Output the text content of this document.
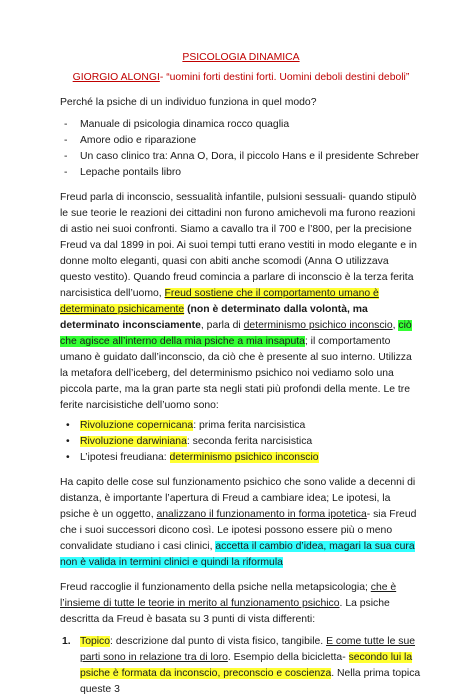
PSICOLOGIA DINAMICA

GIORGIO ALONGI- “uomini forti destini forti. Uomini deboli destini deboli”

Perché la psiche di un individuo funziona in quel modo?

- Manuale di psicologia dinamica rocco quaglia
- Amore odio e riparazione
- Un caso clinico tra: Anna O, Dora, il piccolo Hans e il presidente Schreber
- Lepache pontails libro

Freud parla di inconscio, sessualità infantile, pulsioni sessuali- quando stipulò le sue teorie le reazioni dei cittadini non furono amichevoli ma furono reazioni di astio nei suoi confronti. Siamo a cavallo tra il 700 e l’800, per la precisione Freud va dal 1899 in poi. Ai suoi tempi tutti erano vestiti in modo elegante e in donne molto eleganti, quasi con abiti anche scomodi (Anna O utilizzava questo vestito). Quando freud comincia a parlare di inconscio è la terza ferita narcisistica dell’uomo, Freud sostiene che il comportamento umano è determinato psichicamente (non è determinato dalla volontà, ma determinato inconsciamente, parla di determinismo psichico inconscio, ciò che agisce all’interno della mia psiche a mia insaputa; il comportamento umano è guidato dall’inconscio, da ciò che è presente al suo interno. Utilizza la metafora dell’iceberg, del determinismo psichico noi vediamo solo una piccola parte, ma la gran parte sta negli stati più profondi della mente. Le tre ferite narcisistiche dell’uomo sono:

• Rivoluzione copernicana: prima ferita narcisistica
• Rivoluzione darwiniana: seconda ferita narcisistica
• L’ipotesi freudiana: determinismo psichico inconscio

Ha capito delle cose sul funzionamento psichico che sono valide a decenni di distanza, è importante l’apertura di Freud a cambiare idea; Le ipotesi, la psiche è un oggetto, analizzano il funzionamento in forma ipotetica- sia Freud che i suoi successori dicono così. Le ipotesi possono essere più o meno convalidate studiano i casi clinici, accetta il cambio d’idea, magari la sua cura non è valida in termini clinici e quindi la riformula

Freud raccoglie il funzionamento della psiche nella metapsicologia; che è l’insieme di tutte le teorie in merito al funzionamento psichico. La psiche descritta da Freud è basata su 3 punti di vista differenti:

1. Topico: descrizione dal punto di vista fisico, tangibile. E come tutte le sue parti sono in relazione tra di loro. Esempio della bicicletta- secondo lui la psiche è formata da inconscio, preconscio e coscienza. Nella prima topica queste 3
